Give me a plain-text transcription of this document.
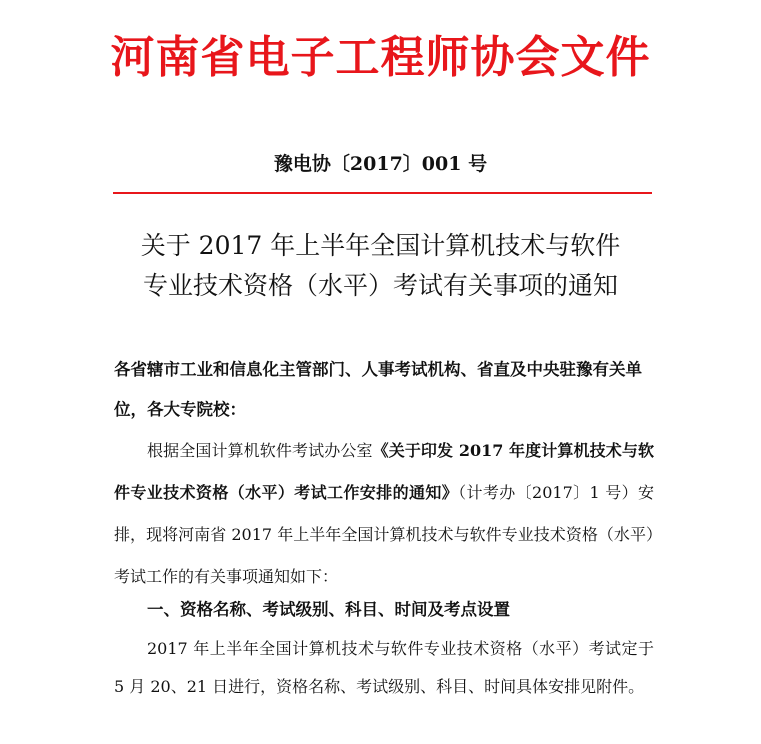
河南省电子工程师协会文件
豫电协〔2017〕001 号
关于 2017 年上半年全国计算机技术与软件
专业技术资格（水平）考试有关事项的通知
各省辖市工业和信息化主管部门、人事考试机构、省直及中央驻豫有关单位，各大专院校：
根据全国计算机软件考试办公室《关于印发 2017 年度计算机技术与软件专业技术资格（水平）考试工作安排的通知》（计考办〔2017〕1 号）安排，现将河南省 2017 年上半年全国计算机技术与软件专业技术资格（水平）考试工作的有关事项通知如下：
一、资格名称、考试级别、科目、时间及考点设置
2017 年上半年全国计算机技术与软件专业技术资格（水平）考试定于 5 月 20、21 日进行，资格名称、考试级别、科目、时间具体安排见附件。
